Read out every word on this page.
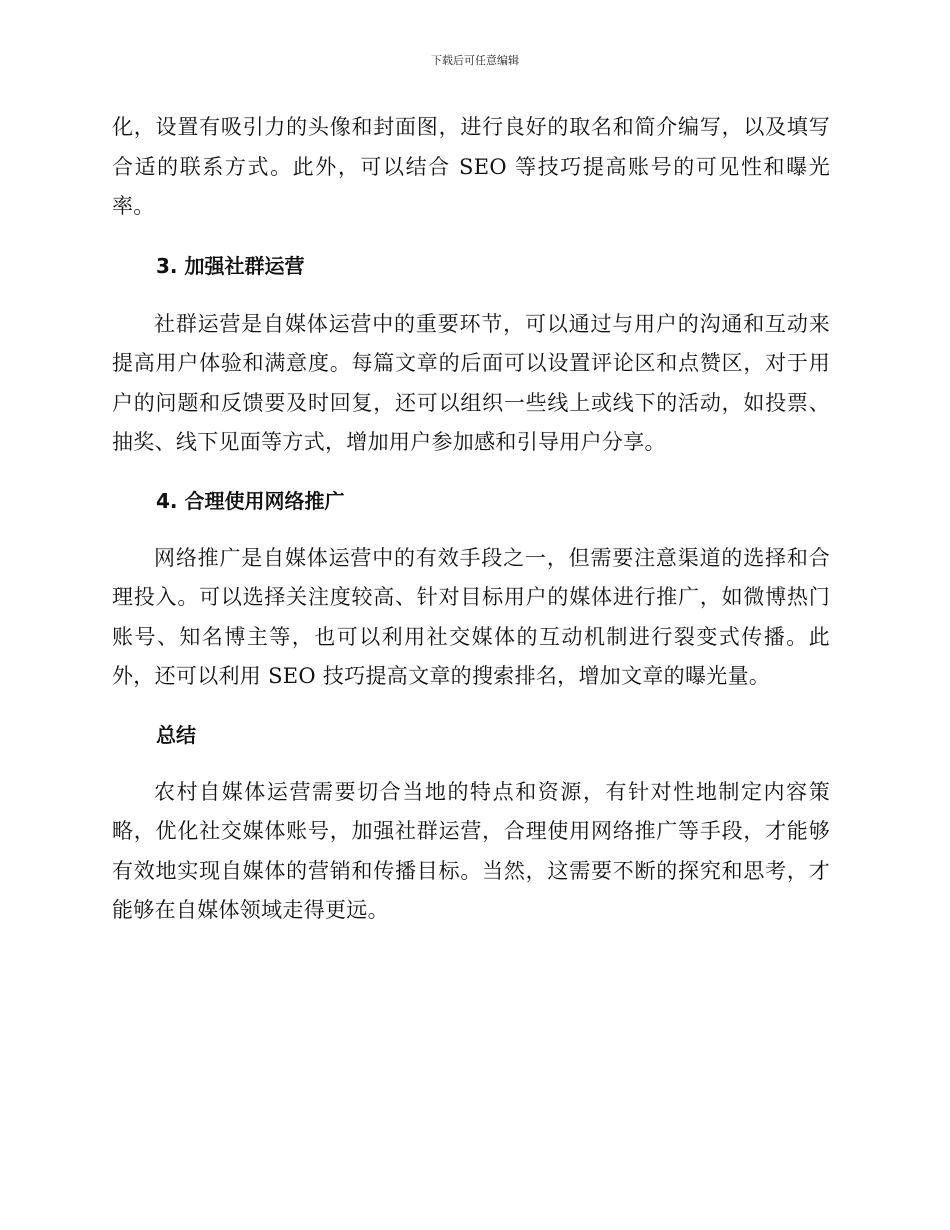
下载后可任意编辑

化，设置有吸引力的头像和封面图，进行良好的取名和简介编写，以及填写合适的联系方式。此外，可以结合 SEO 等技巧提高账号的可见性和曝光率。

3. 加强社群运营

社群运营是自媒体运营中的重要环节，可以通过与用户的沟通和互动来提高用户体验和满意度。每篇文章的后面可以设置评论区和点赞区，对于用户的问题和反馈要及时回复，还可以组织一些线上或线下的活动，如投票、抽奖、线下见面等方式，增加用户参加感和引导用户分享。

4. 合理使用网络推广

网络推广是自媒体运营中的有效手段之一，但需要注意渠道的选择和合理投入。可以选择关注度较高、针对目标用户的媒体进行推广，如微博热门账号、知名博主等，也可以利用社交媒体的互动机制进行裂变式传播。此外，还可以利用 SEO 技巧提高文章的搜索排名，增加文章的曝光量。

总结

农村自媒体运营需要切合当地的特点和资源，有针对性地制定内容策略，优化社交媒体账号，加强社群运营，合理使用网络推广等手段，才能够有效地实现自媒体的营销和传播目标。当然，这需要不断的探究和思考，才能够在自媒体领域走得更远。
